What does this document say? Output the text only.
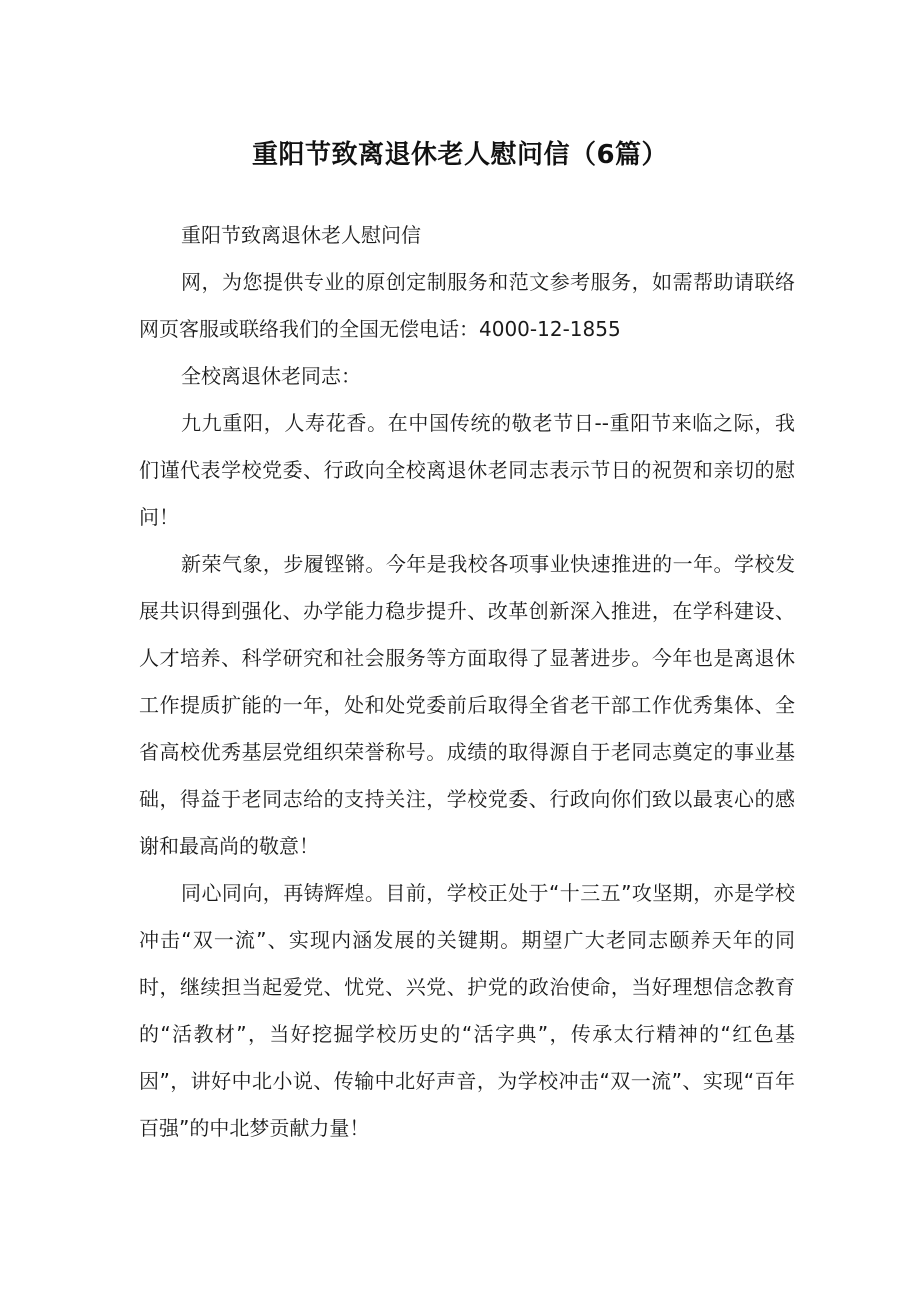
重阳节致离退休老人慰问信（6篇）

重阳节致离退休老人慰问信

网，为您提供专业的原创定制服务和范文参考服务，如需帮助请联络网页客服或联络我们的全国无偿电话：4000-12-1855

全校离退休老同志：

九九重阳，人寿花香。在中国传统的敬老节日--重阳节来临之际，我们谨代表学校党委、行政向全校离退休老同志表示节日的祝贺和亲切的慰问！

新荣气象，步履铿锵。今年是我校各项事业快速推进的一年。学校发展共识得到强化、办学能力稳步提升、改革创新深入推进，在学科建设、人才培养、科学研究和社会服务等方面取得了显著进步。今年也是离退休工作提质扩能的一年，处和处党委前后取得全省老干部工作优秀集体、全省高校优秀基层党组织荣誉称号。成绩的取得源自于老同志奠定的事业基础，得益于老同志给的支持关注，学校党委、行政向你们致以最衷心的感谢和最高尚的敬意！

同心同向，再铸辉煌。目前，学校正处于“十三五”攻坚期，亦是学校冲击“双一流”、实现内涵发展的关键期。期望广大老同志颐养天年的同时，继续担当起爱党、忧党、兴党、护党的政治使命，当好理想信念教育的“活教材”，当好挖掘学校历史的“活字典”，传承太行精神的“红色基因”，讲好中北小说、传输中北好声音，为学校冲击“双一流”、实现“百年百强”的中北梦贡献力量！
